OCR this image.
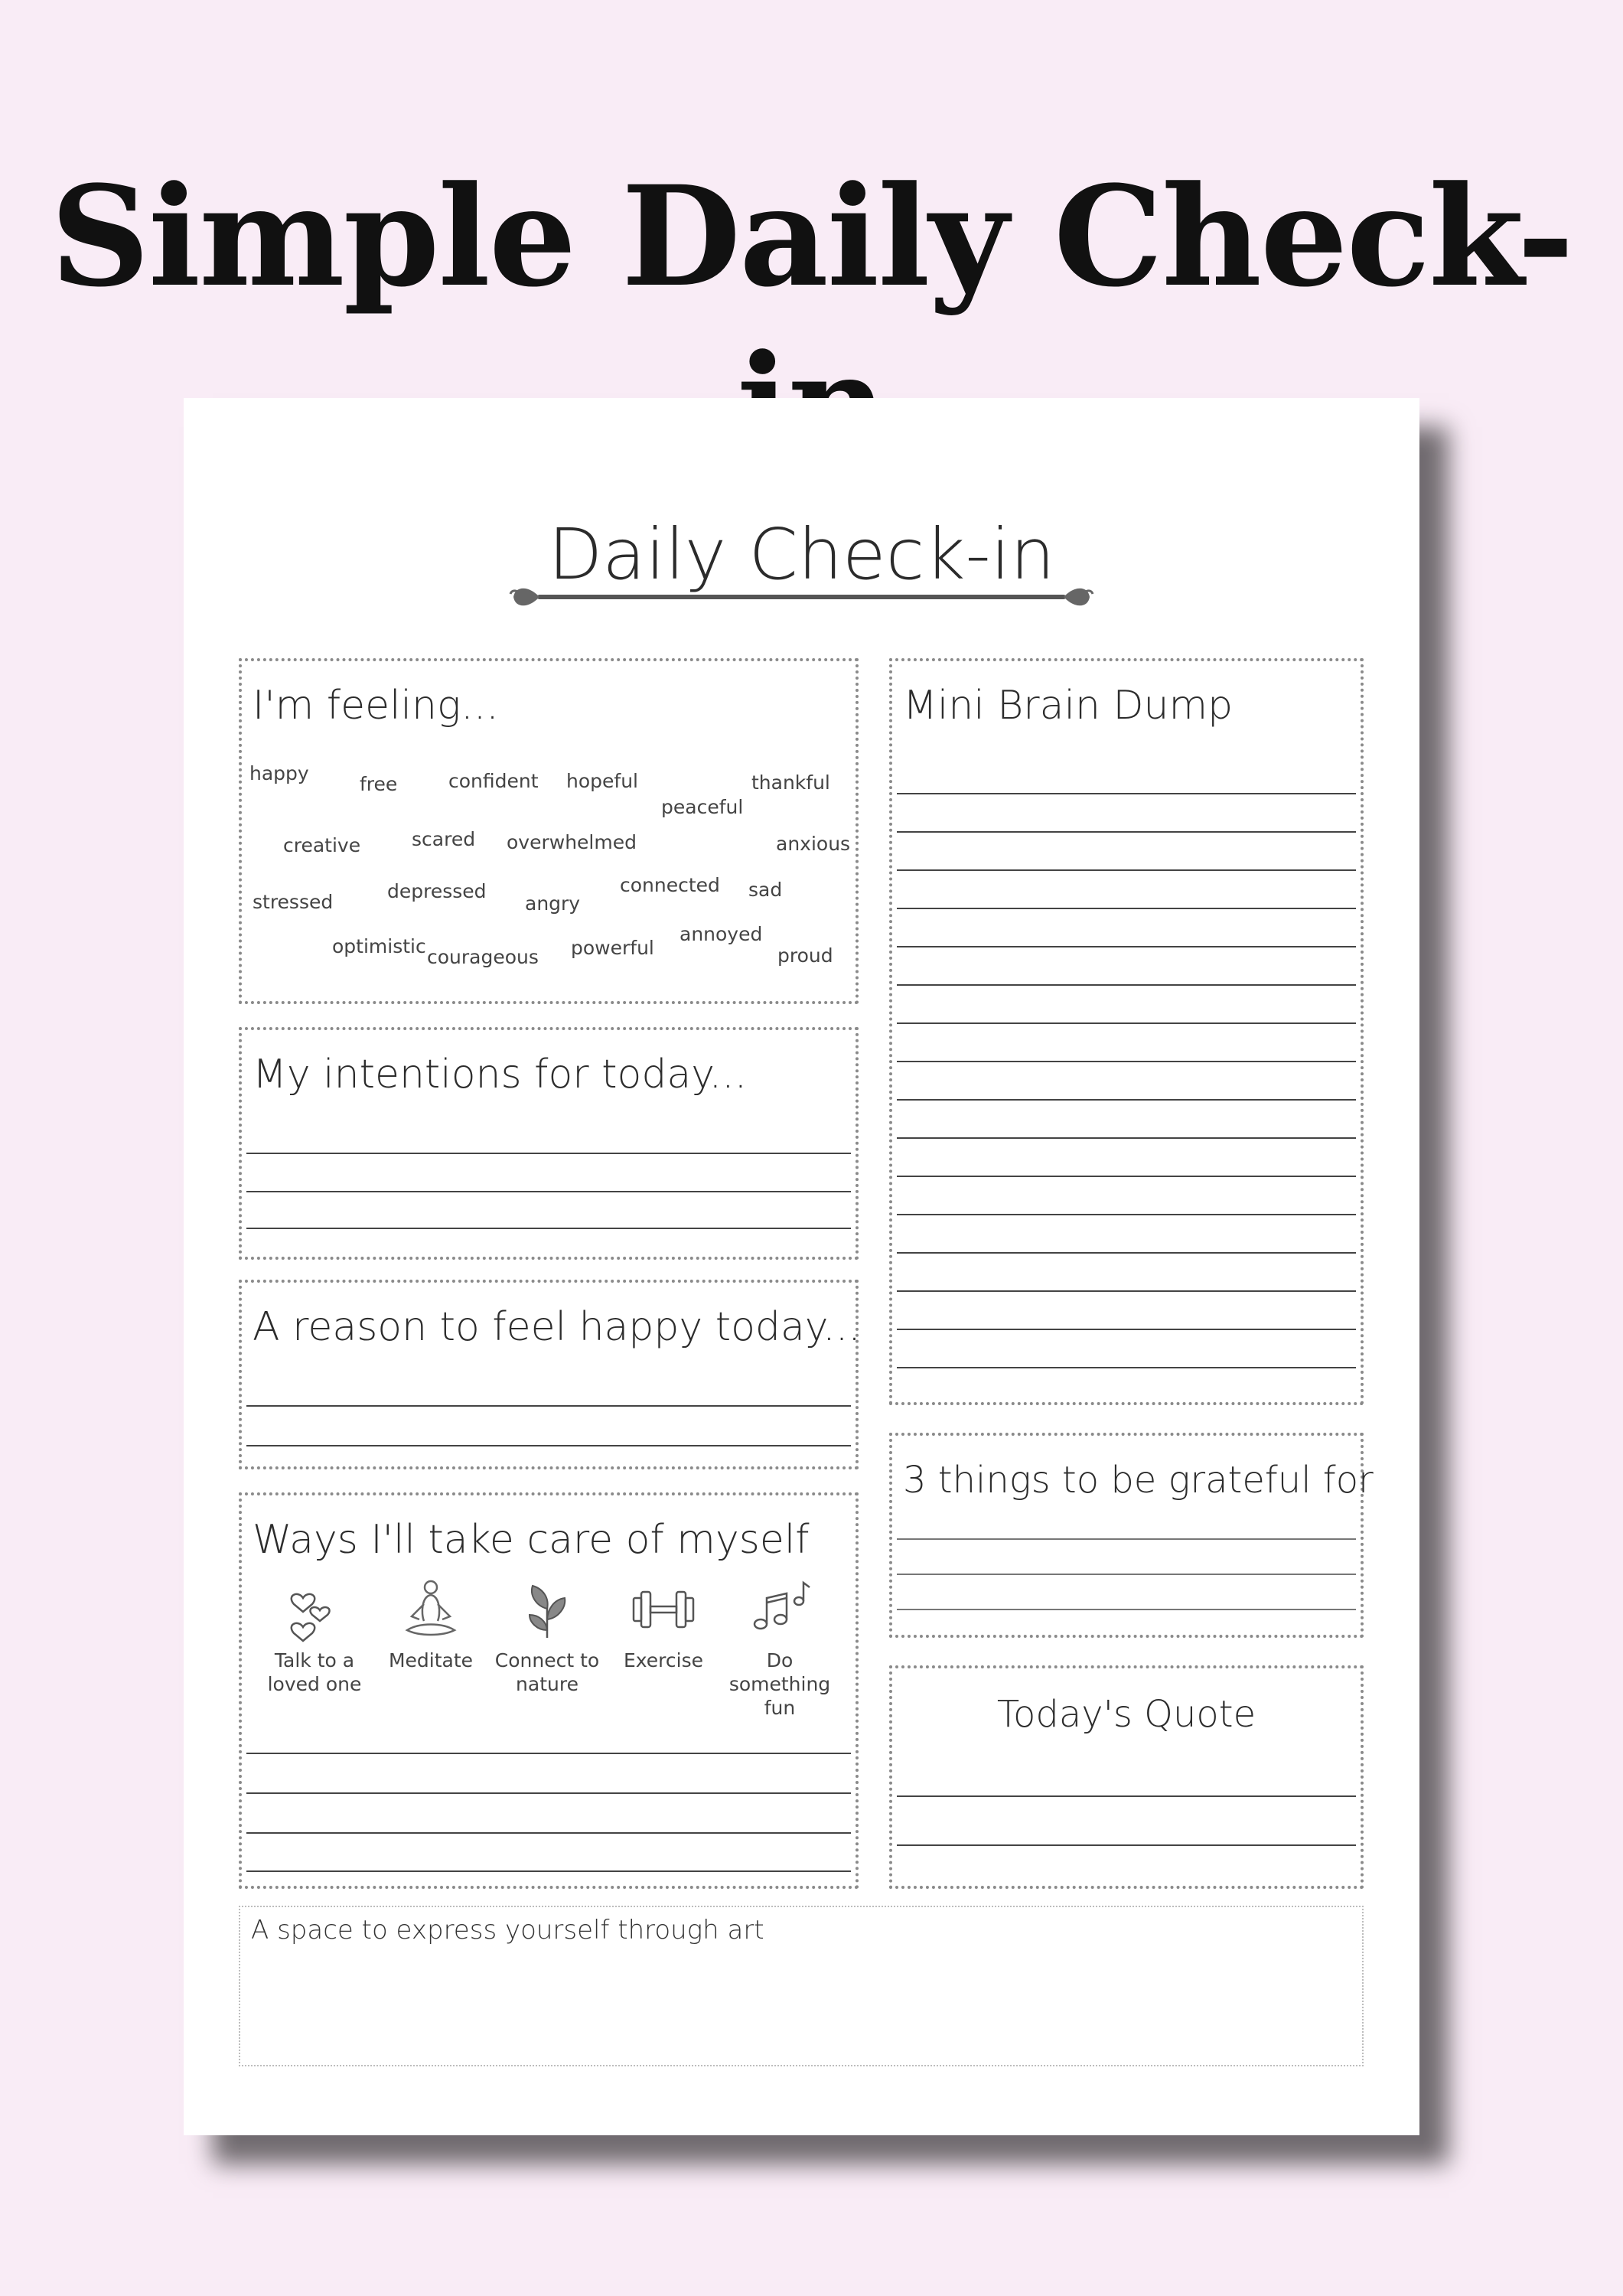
Simple Daily Check-
Daily Check-in
I'm feeling...
happy	free	confident hopeful	thankful
peaceful
creative	scared overwhelmed	anxious
stressed	depressed
angry
connected sad
optimistic courageous powerful
annoyed
proud
My intentions for today...
A reason to feel happy today...
Ways I'll take care of myself
Talk to a
loved one
Meditate	Connect to
nature
Exercise	Do something
fun
Mini Brain Dump
3 things to be grateful for
Today's Quote
A space to express yourself through art
